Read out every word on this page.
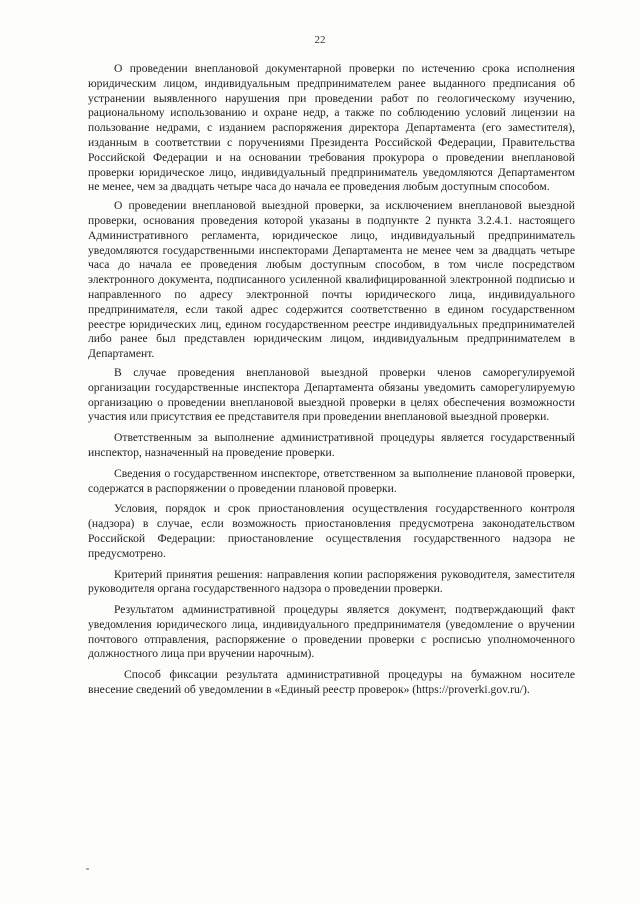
22

О проведении внеплановой документарной проверки по истечению срока исполнения юридическим лицом, индивидуальным предпринимателем ранее выданного предписания об устранении выявленного нарушения при проведении работ по геологическому изучению, рациональному использованию и охране недр, а также по соблюдению условий лицензии на пользование недрами, с изданием распоряжения директора Департамента (его заместителя), изданным в соответствии с поручениями Президента Российской Федерации, Правительства Российской Федерации и на основании требования прокурора о проведении внеплановой проверки юридическое лицо, индивидуальный предприниматель уведомляются Департаментом не менее, чем за двадцать четыре часа до начала ее проведения любым доступным способом.

О проведении внеплановой выездной проверки, за исключением внеплановой выездной проверки, основания проведения которой указаны в подпункте 2 пункта 3.2.4.1. настоящего Административного регламента, юридическое лицо, индивидуальный предприниматель уведомляются государственными инспекторами Департамента не менее чем за двадцать четыре часа до начала ее проведения любым доступным способом, в том числе посредством электронного документа, подписанного усиленной квалифицированной электронной подписью и направленного по адресу электронной почты юридического лица, индивидуального предпринимателя, если такой адрес содержится соответственно в едином государственном реестре юридических лиц, едином государственном реестре индивидуальных предпринимателей либо ранее был представлен юридическим лицом, индивидуальным предпринимателем в Департамент.

В случае проведения внеплановой выездной проверки членов саморегулируемой организации государственные инспектора Департамента обязаны уведомить саморегулируемую организацию о проведении внеплановой выездной проверки в целях обеспечения возможности участия или присутствия ее представителя при проведении внеплановой выездной проверки.

Ответственным за выполнение административной процедуры является государственный инспектор, назначенный на проведение проверки.

Сведения о государственном инспекторе, ответственном за выполнение плановой проверки, содержатся в распоряжении о проведении плановой проверки.

Условия, порядок и срок приостановления осуществления государственного контроля (надзора) в случае, если возможность приостановления предусмотрена законодательством Российской Федерации: приостановление осуществления государственного надзора не предусмотрено.

Критерий принятия решения: направления копии распоряжения руководителя, заместителя руководителя органа государственного надзора о проведении проверки.

Результатом административной процедуры является документ, подтверждающий факт уведомления юридического лица, индивидуального предпринимателя (уведомление о вручении почтового отправления, распоряжение о проведении проверки с росписью уполномоченного должностного лица при вручении нарочным).

Способ фиксации результата административной процедуры на бумажном носителе внесение сведений об уведомлении в «Единый реестр проверок» (https://proverki.gov.ru/).
